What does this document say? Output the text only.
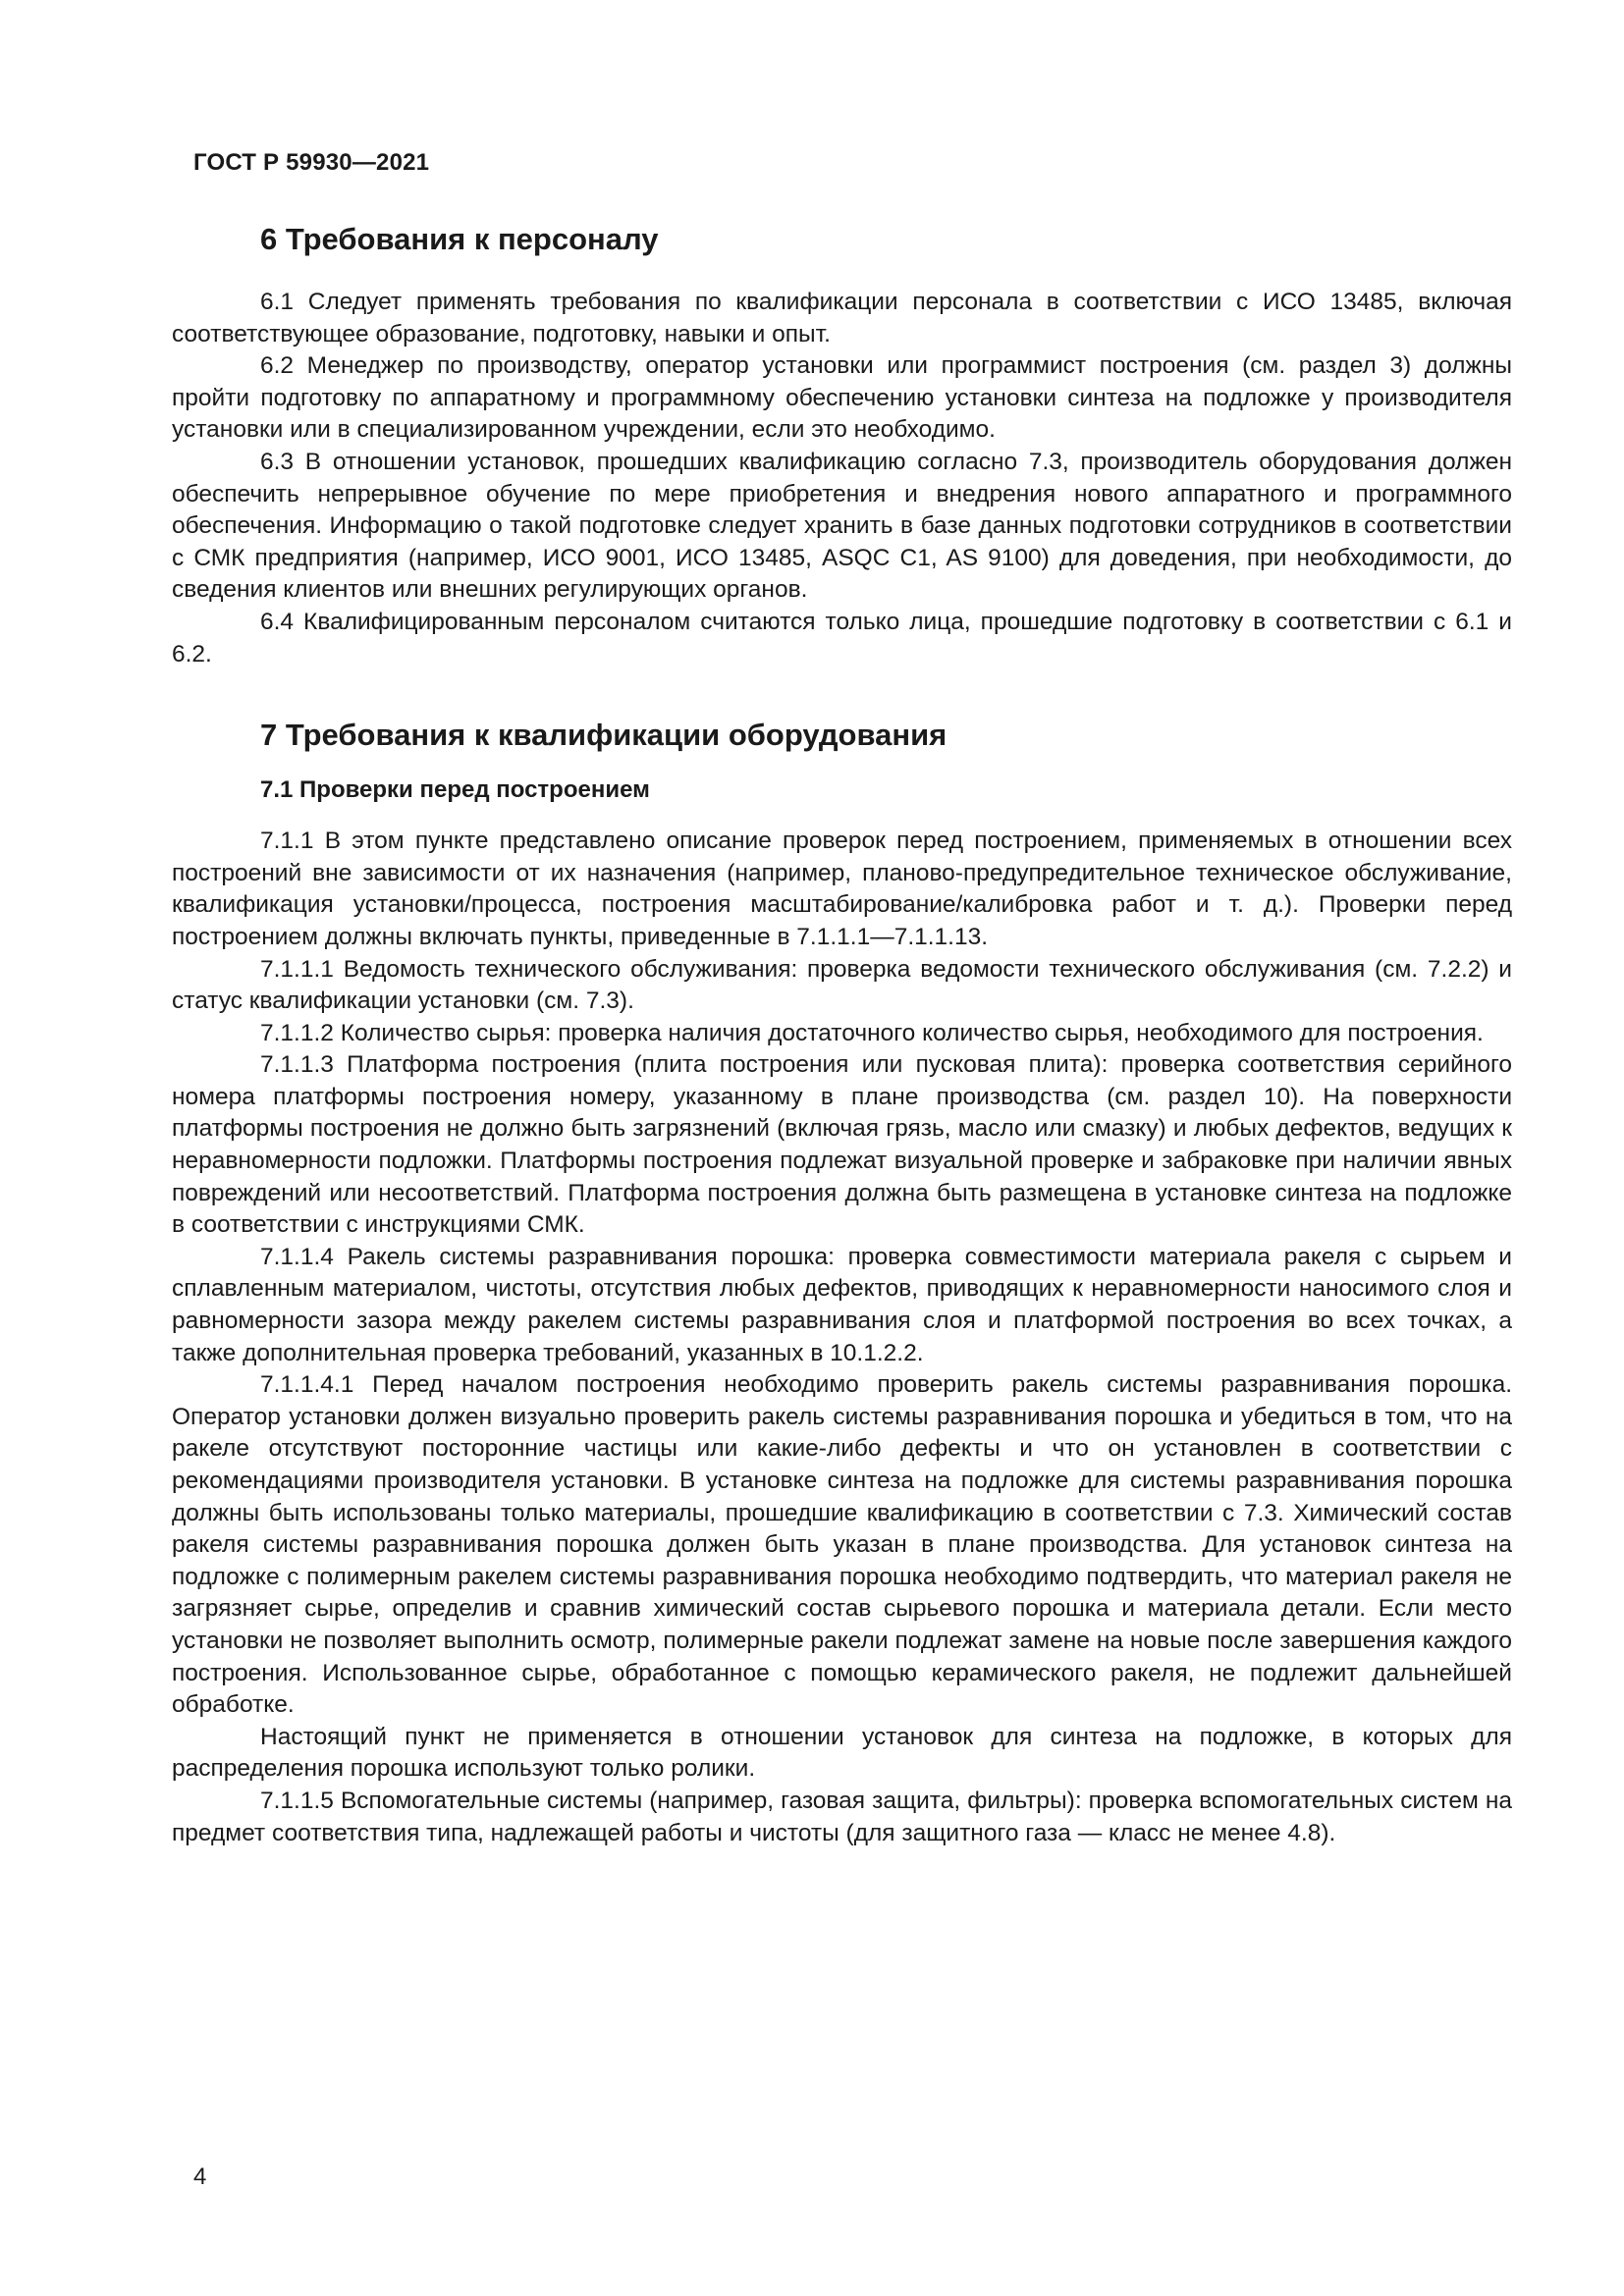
ГОСТ Р 59930—2021
6 Требования к персоналу

6.1 Следует применять требования по квалификации персонала в соответствии с ИСО 13485, включая соответствующее образование, подготовку, навыки и опыт.

6.2 Менеджер по производству, оператор установки или программист построения (см. раздел 3) должны пройти подготовку по аппаратному и программному обеспечению установки синтеза на подложке у производителя установки или в специализированном учреждении, если это необходимо.

6.3 В отношении установок, прошедших квалификацию согласно 7.3, производитель оборудования должен обеспечить непрерывное обучение по мере приобретения и внедрения нового аппаратного и программного обеспечения. Информацию о такой подготовке следует хранить в базе данных подготовки сотрудников в соответствии с СМК предприятия (например, ИСО 9001, ИСО 13485, ASQC C1, AS 9100) для доведения, при необходимости, до сведения клиентов или внешних регулирующих органов.

6.4 Квалифицированным персоналом считаются только лица, прошедшие подготовку в соответствии с 6.1 и 6.2.

7 Требования к квалификации оборудования
7.1 Проверки перед построением

7.1.1 В этом пункте представлено описание проверок перед построением, применяемых в отношении всех построений вне зависимости от их назначения (например, планово-предупредительное техническое обслуживание, квалификация установки/процесса, построения масштабирование/калибровка работ и т. д.). Проверки перед построением должны включать пункты, приведенные в 7.1.1.1—7.1.1.13.

7.1.1.1 Ведомость технического обслуживания: проверка ведомости технического обслуживания (см. 7.2.2) и статус квалификации установки (см. 7.3).

7.1.1.2 Количество сырья: проверка наличия достаточного количество сырья, необходимого для построения.

7.1.1.3 Платформа построения (плита построения или пусковая плита): проверка соответствия серийного номера платформы построения номеру, указанному в плане производства (см. раздел 10). На поверхности платформы построения не должно быть загрязнений (включая грязь, масло или смазку) и любых дефектов, ведущих к неравномерности подложки. Платформы построения подлежат визуальной проверке и забраковке при наличии явных повреждений или несоответствий. Платформа построения должна быть размещена в установке синтеза на подложке в соответствии с инструкциями СМК.

7.1.1.4 Ракель системы разравнивания порошка: проверка совместимости материала ракеля с сырьем и сплавленным материалом, чистоты, отсутствия любых дефектов, приводящих к неравномерности наносимого слоя и равномерности зазора между ракелем системы разравнивания слоя и платформой построения во всех точках, а также дополнительная проверка требований, указанных в 10.1.2.2.

7.1.1.4.1 Перед началом построения необходимо проверить ракель системы разравнивания порошка. Оператор установки должен визуально проверить ракель системы разравнивания порошка и убедиться в том, что на ракеле отсутствуют посторонние частицы или какие-либо дефекты и что он установлен в соответствии с рекомендациями производителя установки. В установке синтеза на подложке для системы разравнивания порошка должны быть использованы только материалы, прошедшие квалификацию в соответствии с 7.3. Химический состав ракеля системы разравнивания порошка должен быть указан в плане производства. Для установок синтеза на подложке с полимерным ракелем системы разравнивания порошка необходимо подтвердить, что материал ракеля не загрязняет сырье, определив и сравнив химический состав сырьевого порошка и материала детали. Если место установки не позволяет выполнить осмотр, полимерные ракели подлежат замене на новые после завершения каждого построения. Использованное сырье, обработанное с помощью керамического ракеля, не подлежит дальнейшей обработке.

Настоящий пункт не применяется в отношении установок для синтеза на подложке, в которых для распределения порошка используют только ролики.

7.1.1.5 Вспомогательные системы (например, газовая защита, фильтры): проверка вспомогательных систем на предмет соответствия типа, надлежащей работы и чистоты (для защитного газа — класс не менее 4.8).

4
